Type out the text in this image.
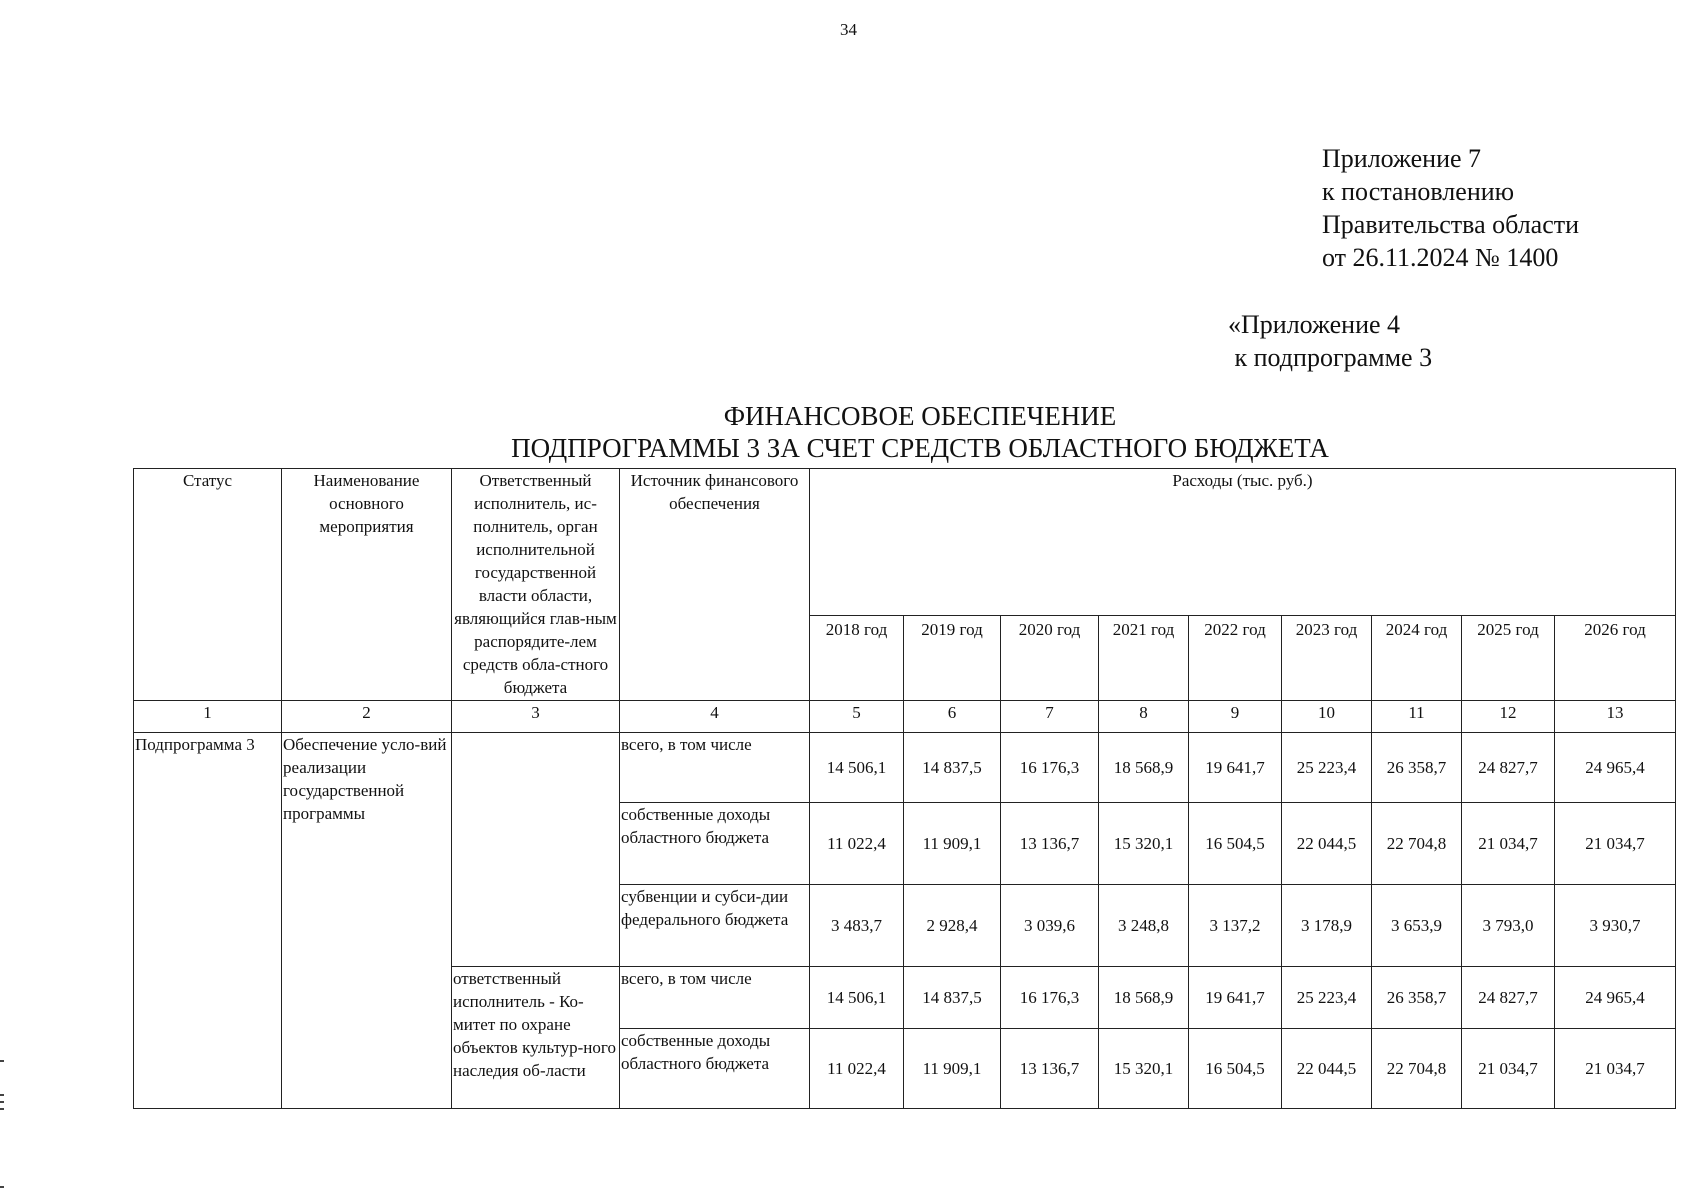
34
Приложение 7
к постановлению
Правительства области
от 26.11.2024 № 1400
«Приложение 4
к подпрограмме 3
ФИНАНСОВОЕ ОБЕСПЕЧЕНИЕ
ПОДПРОГРАММЫ 3 ЗА СЧЕТ СРЕДСТВ ОБЛАСТНОГО БЮДЖЕТА
Статус	Наименование основного мероприятия	Ответственный исполнитель, ис-полнитель, орган исполнительной государственной власти области, являющийся глав-ным распорядите-лем средств обла-стного бюджета	Источник финансового обеспечения	Расходы (тыс. руб.)								
				2018 год	2019 год	2020 год	2021 год	2022 год	2023 год	2024 год	2025 год	2026 год
1	2	3	4	5	6	7	8	9	10	11	12	13
Подпрограмма 3	Обеспечение усло-вий реализации государственной программы		всего, в том числе	14 506,1	14 837,5	16 176,3	18 568,9	19 641,7	25 223,4	26 358,7	24 827,7	24 965,4
			собственные доходы областного бюджета	11 022,4	11 909,1	13 136,7	15 320,1	16 504,5	22 044,5	22 704,8	21 034,7	21 034,7
			субвенции и субси-дии федерального бюджета	3 483,7	2 928,4	3 039,6	3 248,8	3 137,2	3 178,9	3 653,9	3 793,0	3 930,7
		ответственный исполнитель - Ко-митет по охране объектов культур-ного наследия об-ласти	всего, в том числе	14 506,1	14 837,5	16 176,3	18 568,9	19 641,7	25 223,4	26 358,7	24 827,7	24 965,4
			собственные доходы областного бюджета	11 022,4	11 909,1	13 136,7	15 320,1	16 504,5	22 044,5	22 704,8	21 034,7	21 034,7
